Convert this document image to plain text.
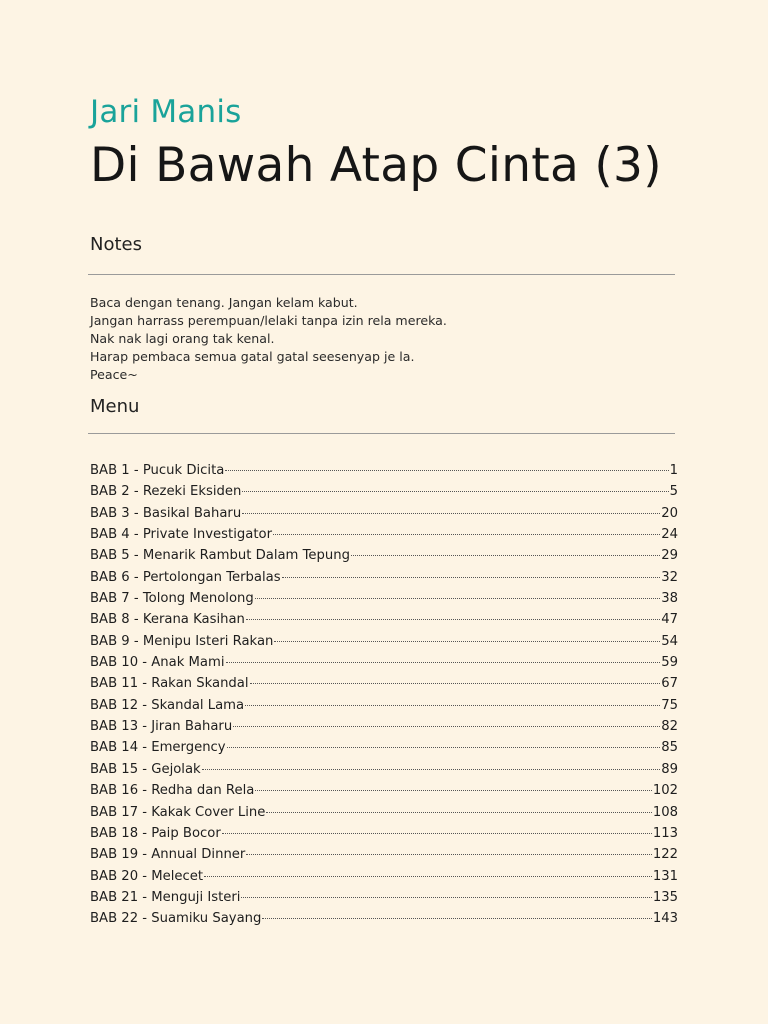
Jari Manis
Di Bawah Atap Cinta (3)
Notes
Baca dengan tenang. Jangan kelam kabut.
Jangan harrass perempuan/lelaki tanpa izin rela mereka.
Nak nak lagi orang tak kenal.
Harap pembaca semua gatal gatal seesenyap je la.
Peace~
Menu
BAB 1 - Pucuk Dicita	1
BAB 2 - Rezeki Eksiden	5
BAB 3 - Basikal Baharu	20
BAB 4 - Private Investigator	24
BAB 5 - Menarik Rambut Dalam Tepung	29
BAB 6 - Pertolongan Terbalas	32
BAB 7 - Tolong Menolong	38
BAB 8 - Kerana Kasihan	47
BAB 9 - Menipu Isteri Rakan	54
BAB 10 - Anak Mami	59
BAB 11 - Rakan Skandal	67
BAB 12 - Skandal Lama	75
BAB 13 - Jiran Baharu	82
BAB 14 - Emergency	85
BAB 15 - Gejolak	89
BAB 16 - Redha dan Rela	102
BAB 17 - Kakak Cover Line	108
BAB 18 - Paip Bocor	113
BAB 19 - Annual Dinner	122
BAB 20 - Melecet	131
BAB 21 - Menguji Isteri	135
BAB 22 - Suamiku Sayang	143
